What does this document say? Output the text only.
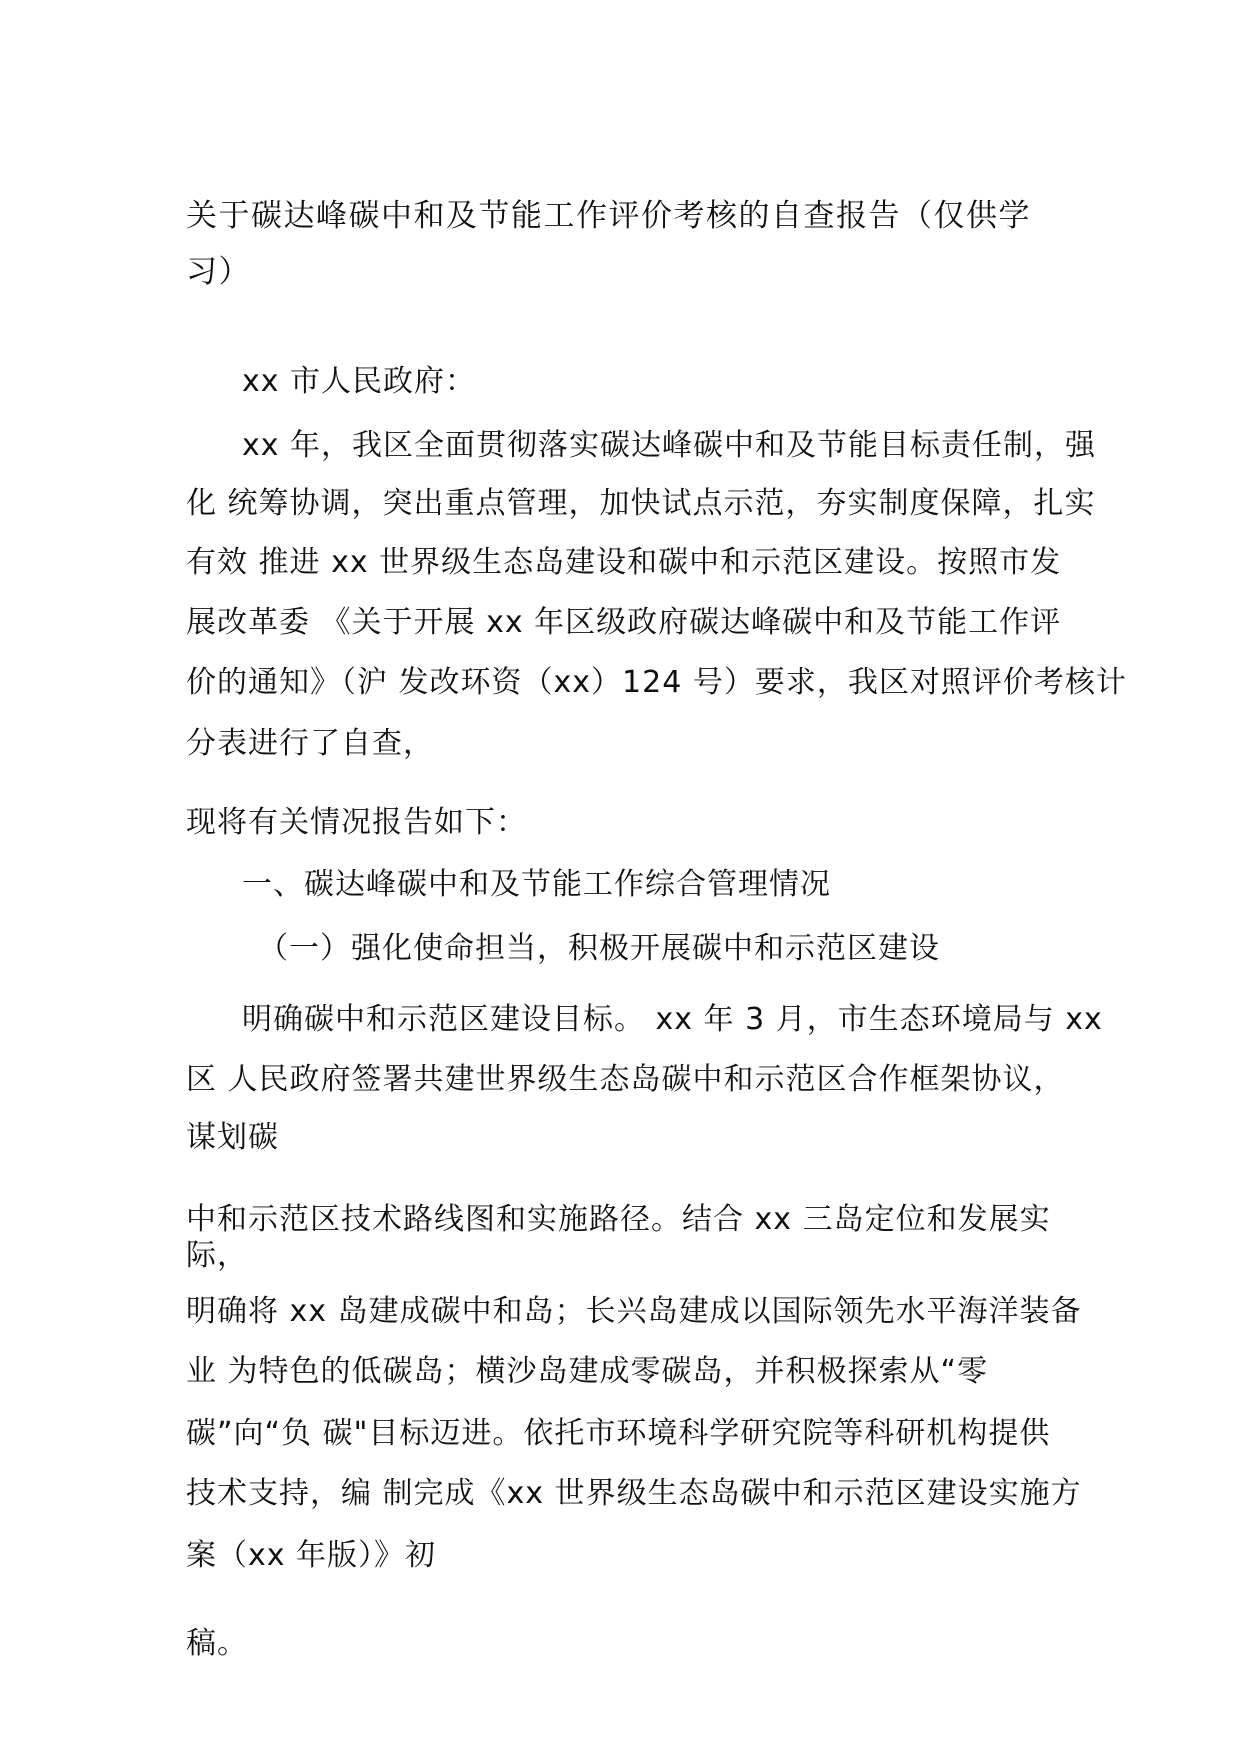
关于碳达峰碳中和及节能工作评价考核的自查报告（仅供学
习）
xx 市人民政府：
xx 年，我区全面贯彻落实碳达峰碳中和及节能目标责任制，强
化 统筹协调，突出重点管理，加快试点示范，夯实制度保障，扎实
有效 推进 xx 世界级生态岛建设和碳中和示范区建设。按照市发
展改革委 《关于开展 xx 年区级政府碳达峰碳中和及节能工作评
价的通知》（沪 发改环资（xx）124 号）要求，我区对照评价考核计
分表进行了自查，
现将有关情况报告如下：
一、碳达峰碳中和及节能工作综合管理情况
（一）强化使命担当，积极开展碳中和示范区建设
明确碳中和示范区建设目标。 xx 年 3 月，市生态环境局与 xx
区 人民政府签署共建世界级生态岛碳中和示范区合作框架协议，
谋划碳
中和示范区技术路线图和实施路径。结合 xx 三岛定位和发展实
际，
明确将 xx 岛建成碳中和岛；长兴岛建成以国际领先水平海洋装备
业 为特色的低碳岛；横沙岛建成零碳岛，并积极探索从“零
碳”向“负 碳"目标迈进。依托市环境科学研究院等科研机构提供
技术支持，编 制完成《xx 世界级生态岛碳中和示范区建设实施方
案（xx 年版）》初
稿。
